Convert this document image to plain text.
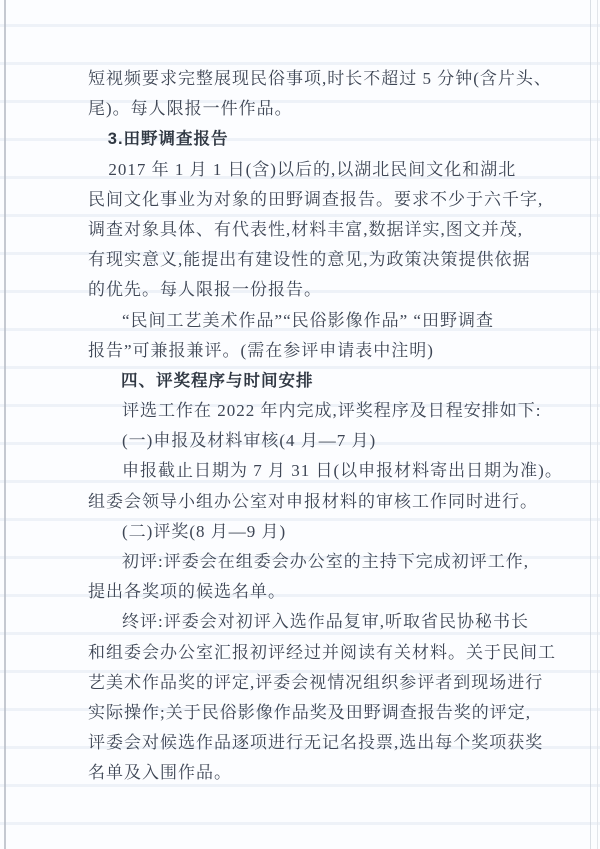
短视频要求完整展现民俗事项,时长不超过 5 分钟(含片头、
尾)。每人限报一件作品。
3.田野调查报告
2017 年 1 月 1 日(含)以后的,以湖北民间文化和湖北
民间文化事业为对象的田野调查报告。要求不少于六千字,
调查对象具体、有代表性,材料丰富,数据详实,图文并茂,
有现实意义,能提出有建设性的意见,为政策决策提供依据
的优先。每人限报一份报告。
“民间工艺美术作品”“民俗影像作品” “田野调查
报告”可兼报兼评。(需在参评申请表中注明)
四、评奖程序与时间安排
评选工作在 2022 年内完成,评奖程序及日程安排如下:
(一)申报及材料审核(4 月—7 月)
申报截止日期为 7 月 31 日(以申报材料寄出日期为准)。
组委会领导小组办公室对申报材料的审核工作同时进行。
(二)评奖(8 月—9 月)
初评:评委会在组委会办公室的主持下完成初评工作,
提出各奖项的候选名单。
终评:评委会对初评入选作品复审,听取省民协秘书长
和组委会办公室汇报初评经过并阅读有关材料。关于民间工
艺美术作品奖的评定,评委会视情况组织参评者到现场进行
实际操作;关于民俗影像作品奖及田野调查报告奖的评定,
评委会对候选作品逐项进行无记名投票,选出每个奖项获奖
名单及入围作品。
